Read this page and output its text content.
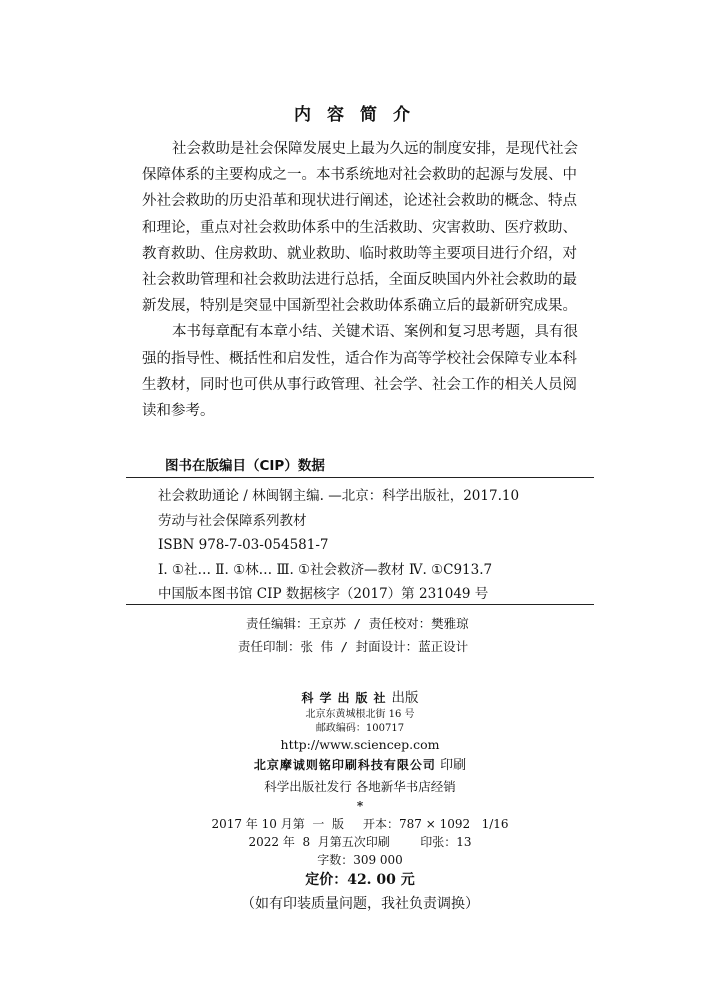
内容简介
社会救助是社会保障发展史上最为久远的制度安排，是现代社会
保障体系的主要构成之一。本书系统地对社会救助的起源与发展、中
外社会救助的历史沿革和现状进行阐述，论述社会救助的概念、特点
和理论，重点对社会救助体系中的生活救助、灾害救助、医疗救助、
教育救助、住房救助、就业救助、临时救助等主要项目进行介绍，对
社会救助管理和社会救助法进行总括，全面反映国内外社会救助的最
新发展，特别是突显中国新型社会救助体系确立后的最新研究成果。
本书每章配有本章小结、关键术语、案例和复习思考题，具有很
强的指导性、概括性和启发性，适合作为高等学校社会保障专业本科
生教材，同时也可供从事行政管理、社会学、社会工作的相关人员阅
读和参考。
图书在版编目（CIP）数据
社会救助通论 / 林闽钢主编. —北京：科学出版社，2017.10
劳动与社会保障系列教材
ISBN 978-7-03-054581-7
Ⅰ. ①社… Ⅱ. ①林… Ⅲ. ①社会救济—教材 Ⅳ. ①C913.7
中国版本图书馆 CIP 数据核字（2017）第 231049 号
责任编辑：王京苏 / 责任校对：樊雅琼
责任印制：张 伟 / 封面设计：蓝正设计
科学出版社出版
北京东黄城根北街 16 号
邮政编码：100717
http://www.sciencep.com
北京摩诚则铭印刷科技有限公司 印刷
科学出版社发行 各地新华书店经销
*
2017 年 10 月第  一  版     开本：787 × 1092   1/16
2022 年  8  月第五次印刷        印张：13
字数：309 000
定价：42. 00 元
（如有印装质量问题，我社负责调换）
